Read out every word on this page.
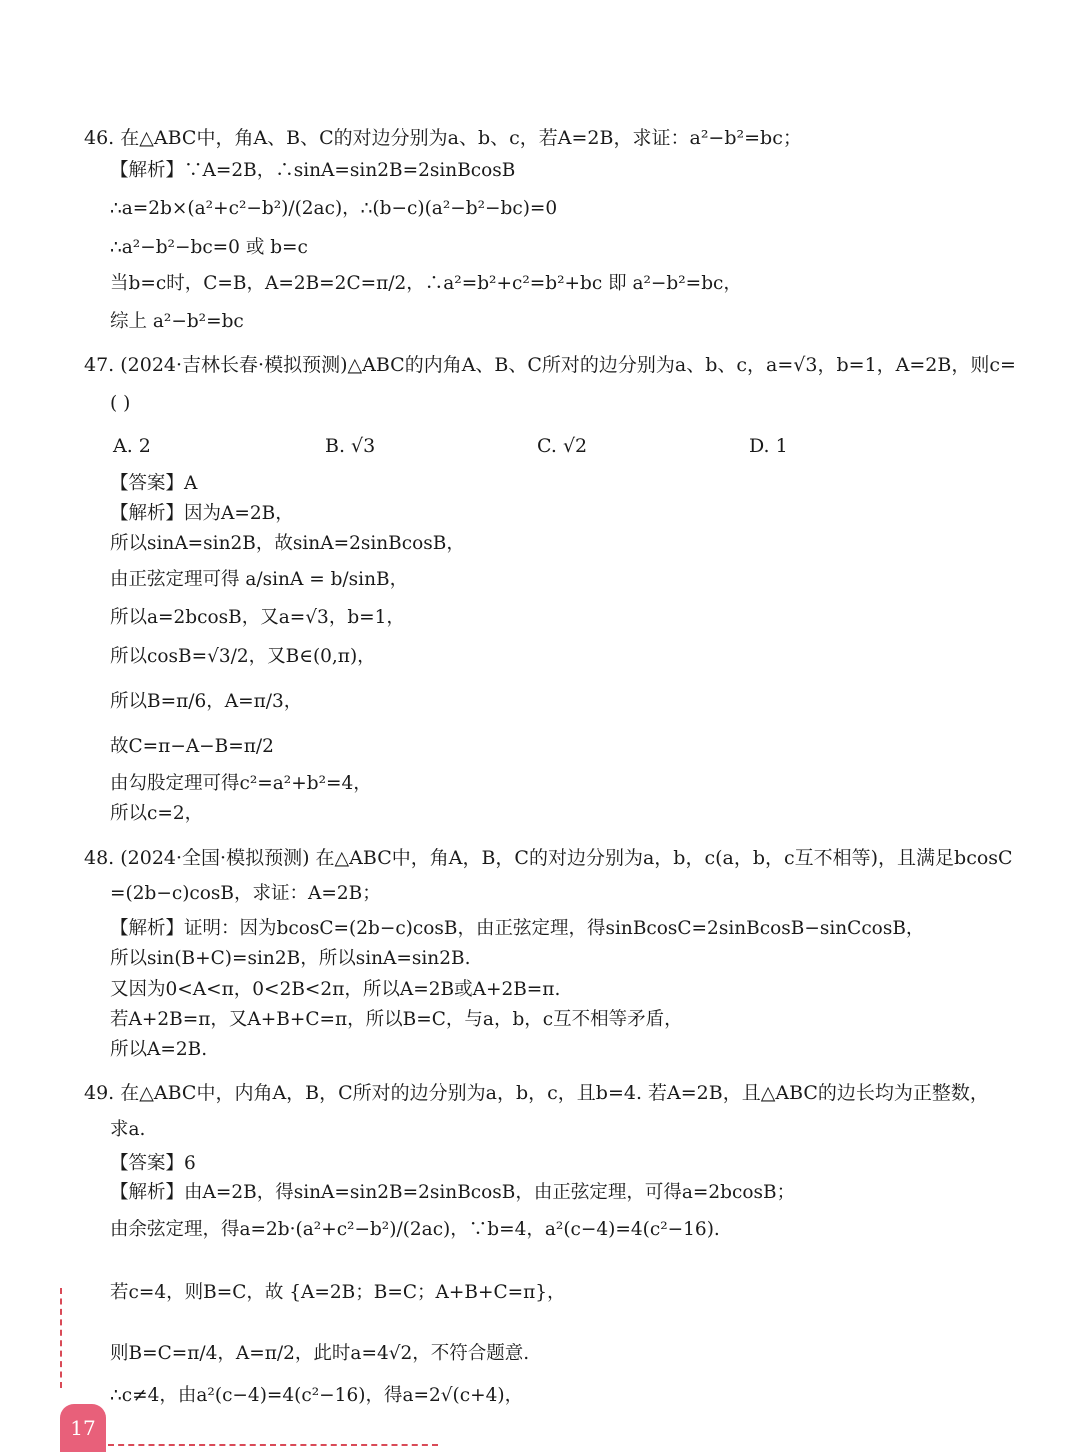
46. 在△ABC中，角A、B、C的对边分别为a、b、c，若A=2B，求证：a²−b²=bc；
【解析】∵A=2B，∴sinA=sin2B=2sinBcosB
∴a=2b×(a²+c²−b²)/(2ac)，∴(b−c)(a²−b²−bc)=0
∴a²−b²−bc=0 或 b=c
当b=c时，C=B，A=2B=2C=π/2，∴a²=b²+c²=b²+bc 即 a²−b²=bc，
综上 a²−b²=bc
47. (2024·吉林长春·模拟预测)△ABC的内角A、B、C所对的边分别为a、b、c，a=√3，b=1，A=2B，则c=
( )
A. 2	B. √3	C. √2	D. 1
【答案】A
【解析】因为A=2B，
所以sinA=sin2B，故sinA=2sinBcosB，
由正弦定理可得 a/sinA = b/sinB，
所以a=2bcosB，又a=√3，b=1，
所以cosB=√3/2，又B∈(0,π)，
所以B=π/6，A=π/3，
故C=π−A−B=π/2
由勾股定理可得c²=a²+b²=4，
所以c=2，
48. (2024·全国·模拟预测) 在△ABC中，角A，B，C的对边分别为a，b，c(a，b，c互不相等)，且满足bcosC
=(2b−c)cosB，求证：A=2B；
【解析】证明：因为bcosC=(2b−c)cosB，由正弦定理，得sinBcosC=2sinBcosB−sinCcosB，
所以sin(B+C)=sin2B，所以sinA=sin2B.
又因为0<A<π，0<2B<2π，所以A=2B或A+2B=π.
若A+2B=π，又A+B+C=π，所以B=C，与a，b，c互不相等矛盾，
所以A=2B.
49. 在△ABC中，内角A，B，C所对的边分别为a，b，c，且b=4. 若A=2B，且△ABC的边长均为正整数，
求a.
【答案】6
【解析】由A=2B，得sinA=sin2B=2sinBcosB，由正弦定理，可得a=2bcosB；
由余弦定理，得a=2b·(a²+c²−b²)/(2ac)，∵b=4，a²(c−4)=4(c²−16).
若c=4，则B=C，故 {A=2B；B=C；A+B+C=π}，
则B=C=π/4，A=π/2，此时a=4√2，不符合题意.
∴c≠4，由a²(c−4)=4(c²−16)，得a=2√(c+4)，
17
